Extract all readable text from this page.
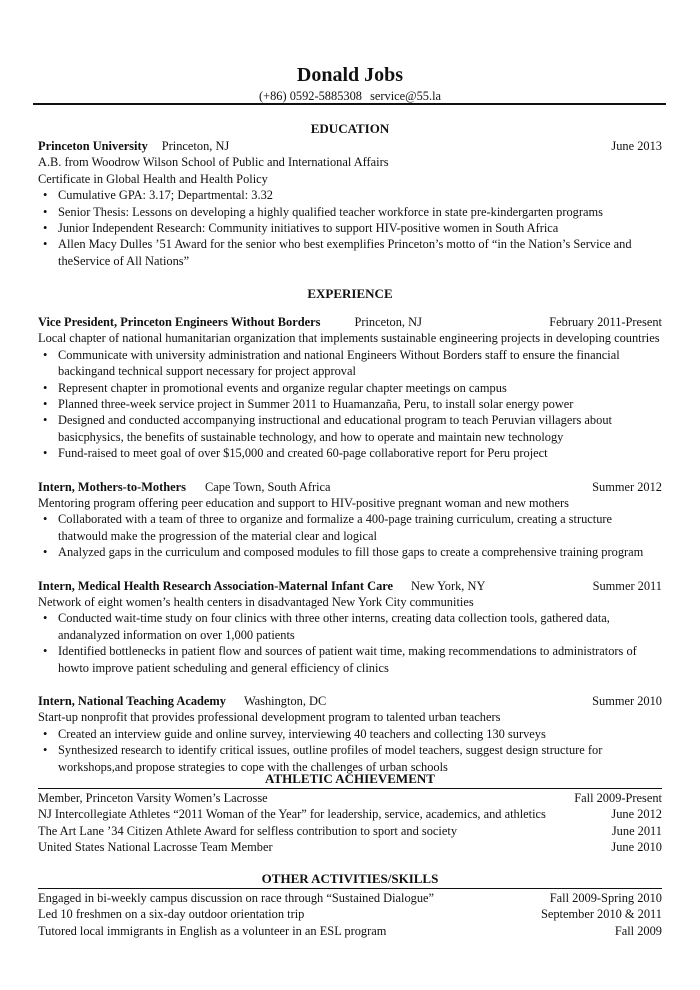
Donald Jobs
(+86) 0592-5885308 service@55.la
EDUCATION
Princeton University Princeton, NJ	June 2013
A.B. from Woodrow Wilson School of Public and International Affairs
Certificate in Global Health and Health Policy
• Cumulative GPA: 3.17; Departmental: 3.32
• Senior Thesis: Lessons on developing a highly qualified teacher workforce in state pre-kindergarten programs
• Junior Independent Research: Community initiatives to support HIV-positive women in South Africa
• Allen Macy Dulles ’51 Award for the senior who best exemplifies Princeton’s motto of “in the Nation’s Service and
theService of All Nations”
EXPERIENCE
Vice President, Princeton Engineers Without Borders	Princeton, NJ	February 2011-Present
Local chapter of national humanitarian organization that implements sustainable engineering projects in developing countries
• Communicate with university administration and national Engineers Without Borders staff to ensure the financial
backingand technical support necessary for project approval
• Represent chapter in promotional events and organize regular chapter meetings on campus
• Planned three-week service project in Summer 2011 to Huamanzaña, Peru, to install solar energy power
• Designed and conducted accompanying instructional and educational program to teach Peruvian villagers about
basicphysics, the benefits of sustainable technology, and how to operate and maintain new technology
• Fund-raised to meet goal of over $15,000 and created 60-page collaborative report for Peru project
Intern, Mothers-to-Mothers Cape Town, South Africa	Summer 2012
Mentoring program offering peer education and support to HIV-positive pregnant woman and new mothers
• Collaborated with a team of three to organize and formalize a 400-page training curriculum, creating a structure
thatwould make the progression of the material clear and logical
• Analyzed gaps in the curriculum and composed modules to fill those gaps to create a comprehensive training program
Intern, Medical Health Research Association-Maternal Infant Care New York, NY	Summer 2011
Network of eight women’s health centers in disadvantaged New York City communities
• Conducted wait-time study on four clinics with three other interns, creating data collection tools, gathered data,
andanalyzed information on over 1,000 patients
• Identified bottlenecks in patient flow and sources of patient wait time, making recommendations to administrators of
howto improve patient scheduling and general efficiency of clinics
Intern, National Teaching Academy Washington, DC	Summer 2010
Start-up nonprofit that provides professional development program to talented urban teachers
• Created an interview guide and online survey, interviewing 40 teachers and collecting 130 surveys
• Synthesized research to identify critical issues, outline profiles of model teachers, suggest design structure for
workshops,and propose strategies to cope with the challenges of urban schools
ATHLETIC ACHIEVEMENT
Member, Princeton Varsity Women’s Lacrosse	Fall 2009-Present
NJ Intercollegiate Athletes “2011 Woman of the Year” for leadership, service, academics, and athletics	June 2012
The Art Lane ’34 Citizen Athlete Award for selfless contribution to sport and society	June 2011
United States National Lacrosse Team Member	June 2010
OTHER ACTIVITIES/SKILLS
Engaged in bi-weekly campus discussion on race through “Sustained Dialogue”	Fall 2009-Spring 2010
Led 10 freshmen on a six-day outdoor orientation trip	September 2010 & 2011
Tutored local immigrants in English as a volunteer in an ESL program	Fall 2009
